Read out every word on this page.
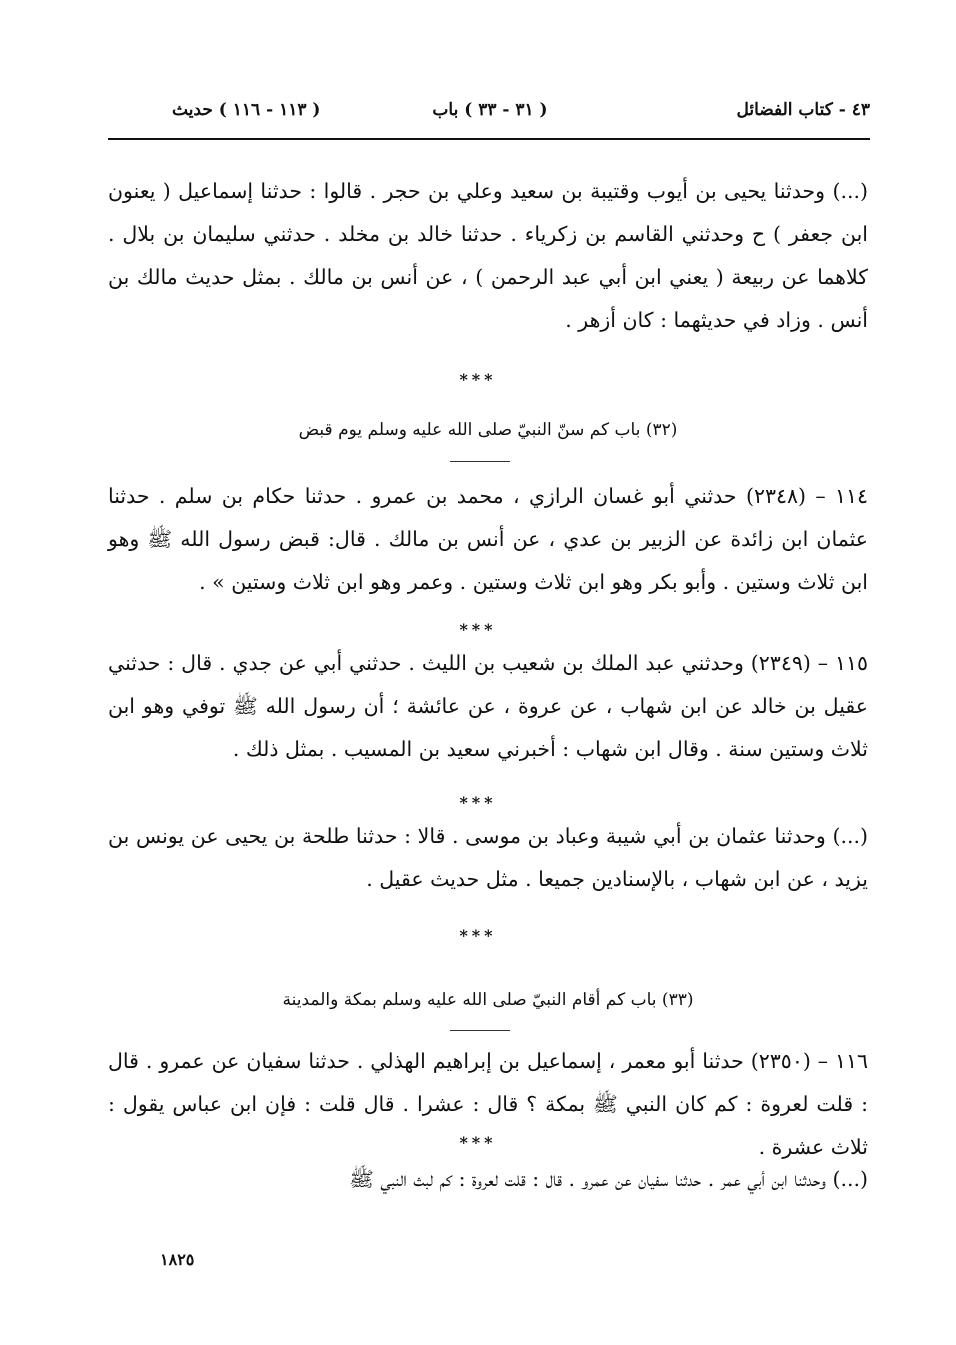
٤٣ - كتاب الفضائل
( ٣١ - ٣٣ ) باب
( ١١٣ - ١١٦ ) حديث
(...) وحدثنا يحيى بن أيوب وقتيبة بن سعيد وعلي بن حجر . قالوا : حدثنا إسماعيل ( يعنون ابن جعفر ) ح وحدثني القاسم بن زكرياء . حدثنا خالد بن مخلد . حدثني سليمان بن بلال . كلاهما عن ربيعة ( يعني ابن أبي عبد الرحمن ) ، عن أنس بن مالك . بمثل حديث مالك بن أنس . وزاد في حديثهما : كان أزهر .
***
(٣٢) باب كم سنّ النبيّ صلى الله عليه وسلم يوم قبض
١١٤ – (٢٣٤٨) حدثني أبو غسان الرازي ، محمد بن عمرو . حدثنا حكام بن سلم . حدثنا عثمان ابن زائدة عن الزبير بن عدي ، عن أنس بن مالك . قال: قبض رسول الله ﷺ وهو ابن ثلاث وستين . وأبو بكر وهو ابن ثلاث وستين . وعمر وهو ابن ثلاث وستين » .
***
١١٥ – (٢٣٤٩) وحدثني عبد الملك بن شعيب بن الليث . حدثني أبي عن جدي . قال : حدثني عقيل بن خالد عن ابن شهاب ، عن عروة ، عن عائشة ؛ أن رسول الله ﷺ توفي وهو ابن ثلاث وستين سنة . وقال ابن شهاب : أخبرني سعيد بن المسيب . بمثل ذلك .
***
(...) وحدثنا عثمان بن أبي شيبة وعباد بن موسى . قالا : حدثنا طلحة بن يحيى عن يونس بن يزيد ، عن ابن شهاب ، بالإسنادين جميعا . مثل حديث عقيل .
***
(٣٣) باب كم أقام النبيّ صلى الله عليه وسلم بمكة والمدينة
١١٦ – (٢٣٥٠) حدثنا أبو معمر ، إسماعيل بن إبراهيم الهذلي . حدثنا سفيان عن عمرو . قال : قلت لعروة : كم كان النبي ﷺ بمكة ؟ قال : عشرا . قال قلت : فإن ابن عباس يقول : ثلاث عشرة .
***
(...) وحدثنا ابن أبي عمر . حدثنا سفيان عن عمرو . قال : قلت لعروة : كم لبث النبي ﷺ
١٨٢٥
